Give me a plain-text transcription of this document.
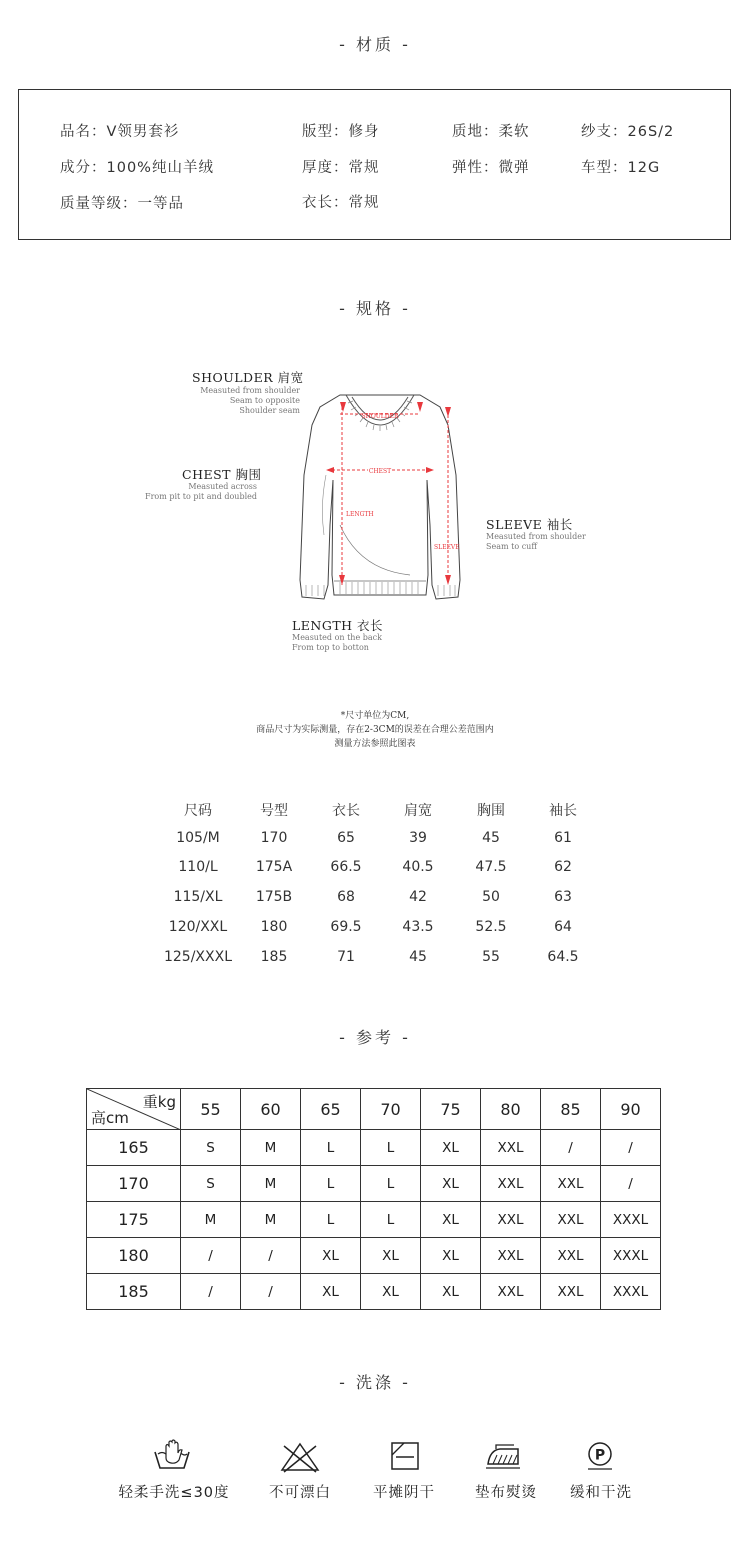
- 材质 -
品名：V领男套衫	版型：修身	质地：柔软	纱支：26S/2
成分：100%纯山羊绒	厚度：常规	弹性：微弹	车型：12G
质量等级：一等品	衣长：常规
- 规格 -
SHOULDER
CHEST
LENGTH
SLEEVE
SHOULDER 肩宽
Measuted from shoulder
Seam to opposite
Shoulder seam
CHEST 胸围
Measuted across
From pit to pit and doubled
SLEEVE 袖长
Measuted from shoulder
Seam to cuff
LENGTH 衣长
Measuted on the back
From top to botton
*尺寸单位为CM,
商品尺寸为实际测量，存在2-3CM的误差在合理公差范围内
测量方法参照此图表
尺码	号型	衣长	肩宽	胸围	袖长
105/M	170	65	39	45	61
110/L	175A	66.5	40.5	47.5	62
115/XL	175B	68	42	50	63
120/XXL	180	69.5	43.5	52.5	64
125/XXXL	185	71	45	55	64.5
- 参考 -
重kg
高cm	55	60	65	70	75	80	85	90
165	S	M	L	L	XL	XXL	/	/
170	S	M	L	L	XL	XXL	XXL	/
175	M	M	L	L	XL	XXL	XXL	XXXL
180	/	/	XL	XL	XL	XXL	XXL	XXXL
185	/	/	XL	XL	XL	XXL	XXL	XXXL
- 洗涤 -
轻柔手洗≤30度	不可漂白	平摊阴干	垫布熨烫
P
缓和干洗
